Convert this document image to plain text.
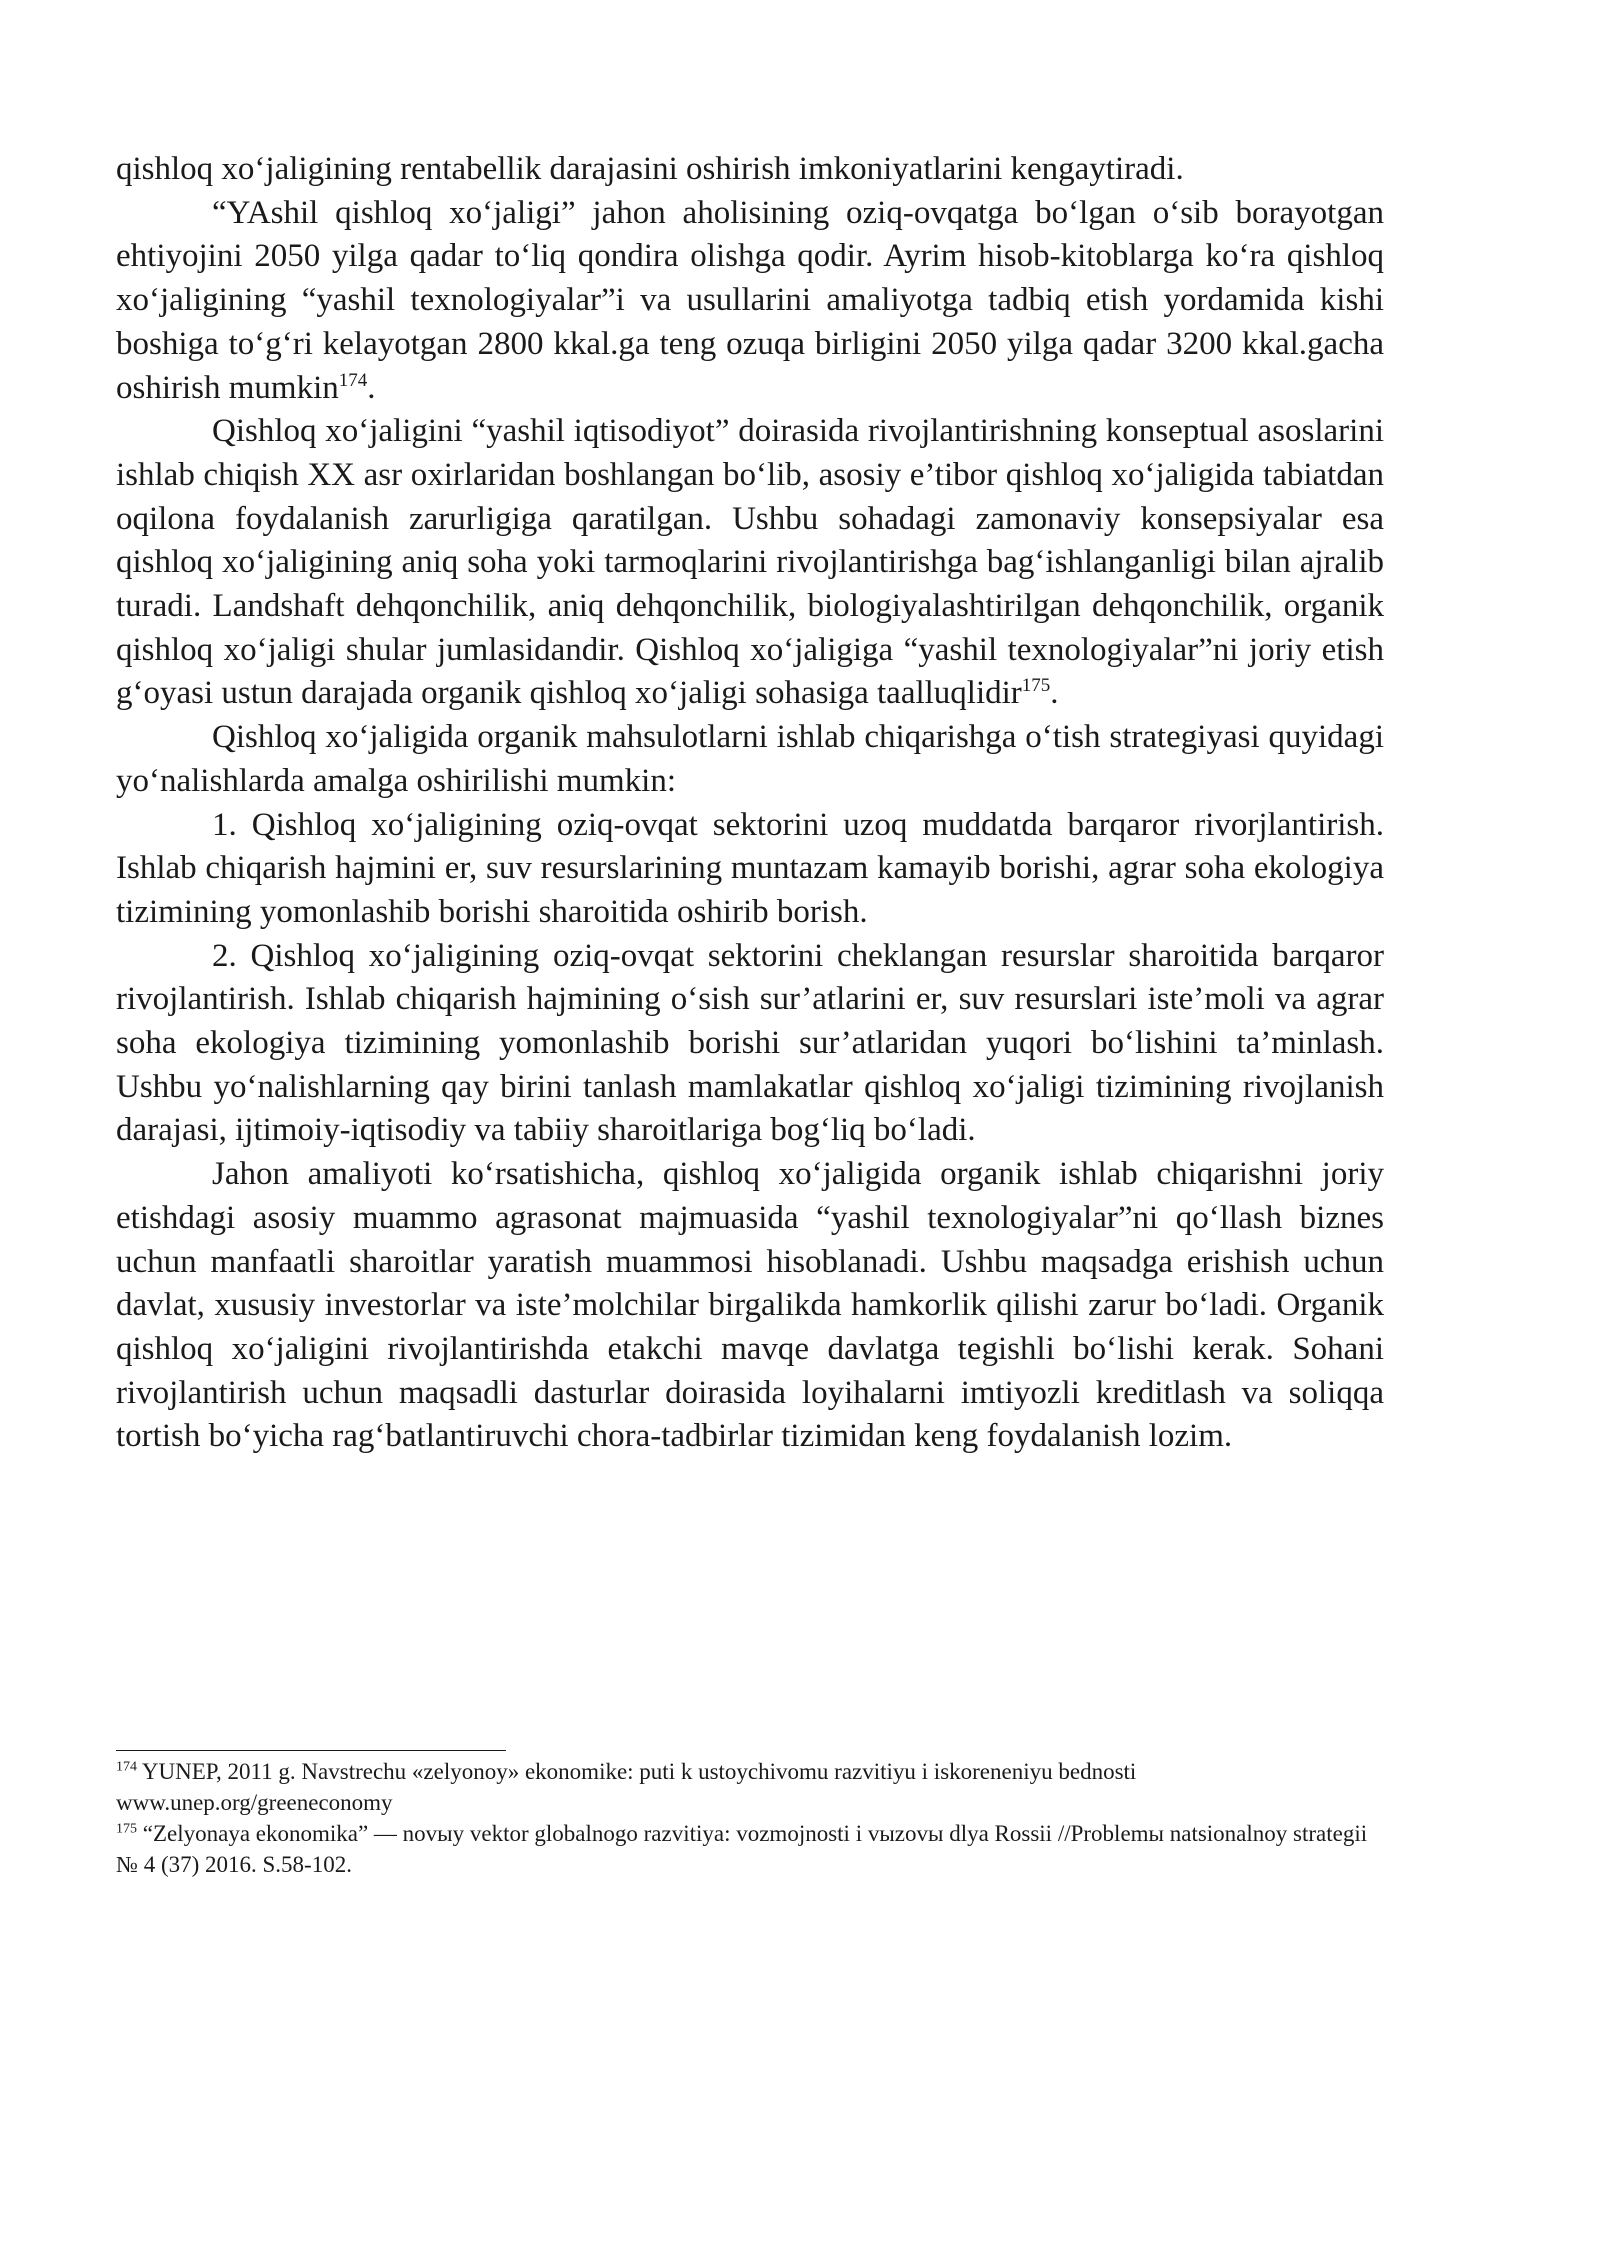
qishloq xo‘jaligining rentabellik darajasini oshirish imkoniyatlarini kengaytiradi.

“YAshil qishloq xo‘jaligi” jahon aholisining oziq-ovqatga bo‘lgan o‘sib borayotgan ehtiyojini 2050 yilga qadar to‘liq qondira olishga qodir. Ayrim hisob-kitoblarga ko‘ra qishloq xo‘jaligining “yashil texnologiyalar”i va usullarini amaliyotga tadbiq etish yordamida kishi boshiga to‘g‘ri kelayotgan 2800 kkal.ga teng ozuqa birligini 2050 yilga qadar 3200 kkal.gacha oshirish mumkin$^{174}$.

Qishloq xo‘jaligini “yashil iqtisodiyot” doirasida rivojlantirishning konseptual asoslarini ishlab chiqish XX asr oxirlaridan boshlangan bo‘lib, asosiy e’tibor qishloq xo‘jaligida tabiatdan oqilona foydalanish zarurligiga qaratilgan. Ushbu sohadagi zamonaviy konsepsiyalar esa qishloq xo‘jaligining aniq soha yoki tarmoqlarini rivojlantirishga bag‘ishlanganligi bilan ajralib turadi. Landshaft dehqonchilik, aniq dehqonchilik, biologiyalashtirilgan dehqonchilik, organik qishloq xo‘jaligi shular jumlasidandir. Qishloq xo‘jaligiga “yashil texnologiyalar”ni joriy etish g‘oyasi ustun darajada organik qishloq xo‘jaligi sohasiga taalluqlidir$^{175}$.

Qishloq xo‘jaligida organik mahsulotlarni ishlab chiqarishga o‘tish strategiyasi quyidagi yo‘nalishlarda amalga oshirilishi mumkin:

1. Qishloq xo‘jaligining oziq-ovqat sektorini uzoq muddatda barqaror rivorjlantirish. Ishlab chiqarish hajmini er, suv resurslarining muntazam kamayib borishi, agrar soha ekologiya tizimining yomonlashib borishi sharoitida oshirib borish.

2. Qishloq xo‘jaligining oziq-ovqat sektorini cheklangan resurslar sharoitida barqaror rivojlantirish. Ishlab chiqarish hajmining o‘sish sur’atlarini er, suv resurslari iste’moli va agrar soha ekologiya tizimining yomonlashib borishi sur’atlaridan yuqori bo‘lishini ta’minlash. Ushbu yo‘nalishlarning qay birini tanlash mamlakatlar qishloq xo‘jaligi tizimining rivojlanish darajasi, ijtimoiy-iqtisodiy va tabiiy sharoitlariga bog‘liq bo‘ladi.

Jahon amaliyoti ko‘rsatishicha, qishloq xo‘jaligida organik ishlab chiqarishni joriy etishdagi asosiy muammo agrasonat majmuasida “yashil texnologiyalar”ni qo‘llash biznes uchun manfaatli sharoitlar yaratish muammosi hisoblanadi. Ushbu maqsadga erishish uchun davlat, xususiy investorlar va iste’molchilar birgalikda hamkorlik qilishi zarur bo‘ladi. Organik qishloq xo‘jaligini rivojlantirishda etakchi mavqe davlatga tegishli bo‘lishi kerak. Sohani rivojlantirish uchun maqsadli dasturlar doirasida loyihalarni imtiyozli kreditlash va soliqqa tortish bo‘yicha rag‘batlantiruvchi chora-tadbirlar tizimidan keng foydalanish lozim.

$^{174}$ YUNEP, 2011 g. Navstrechu «zelyonoy» ekonomike: puti k ustoychivomu razvitiyu i iskoreneniyu bednosti www.unep.org/greeneconomy

$^{175}$ “Zelyonaya ekonomika” — novыy vektor globalnogo razvitiya: vozmojnosti i vыzovы dlya Rossii //Problemы natsionalnoy strategii № 4 (37) 2016. S.58-102.
